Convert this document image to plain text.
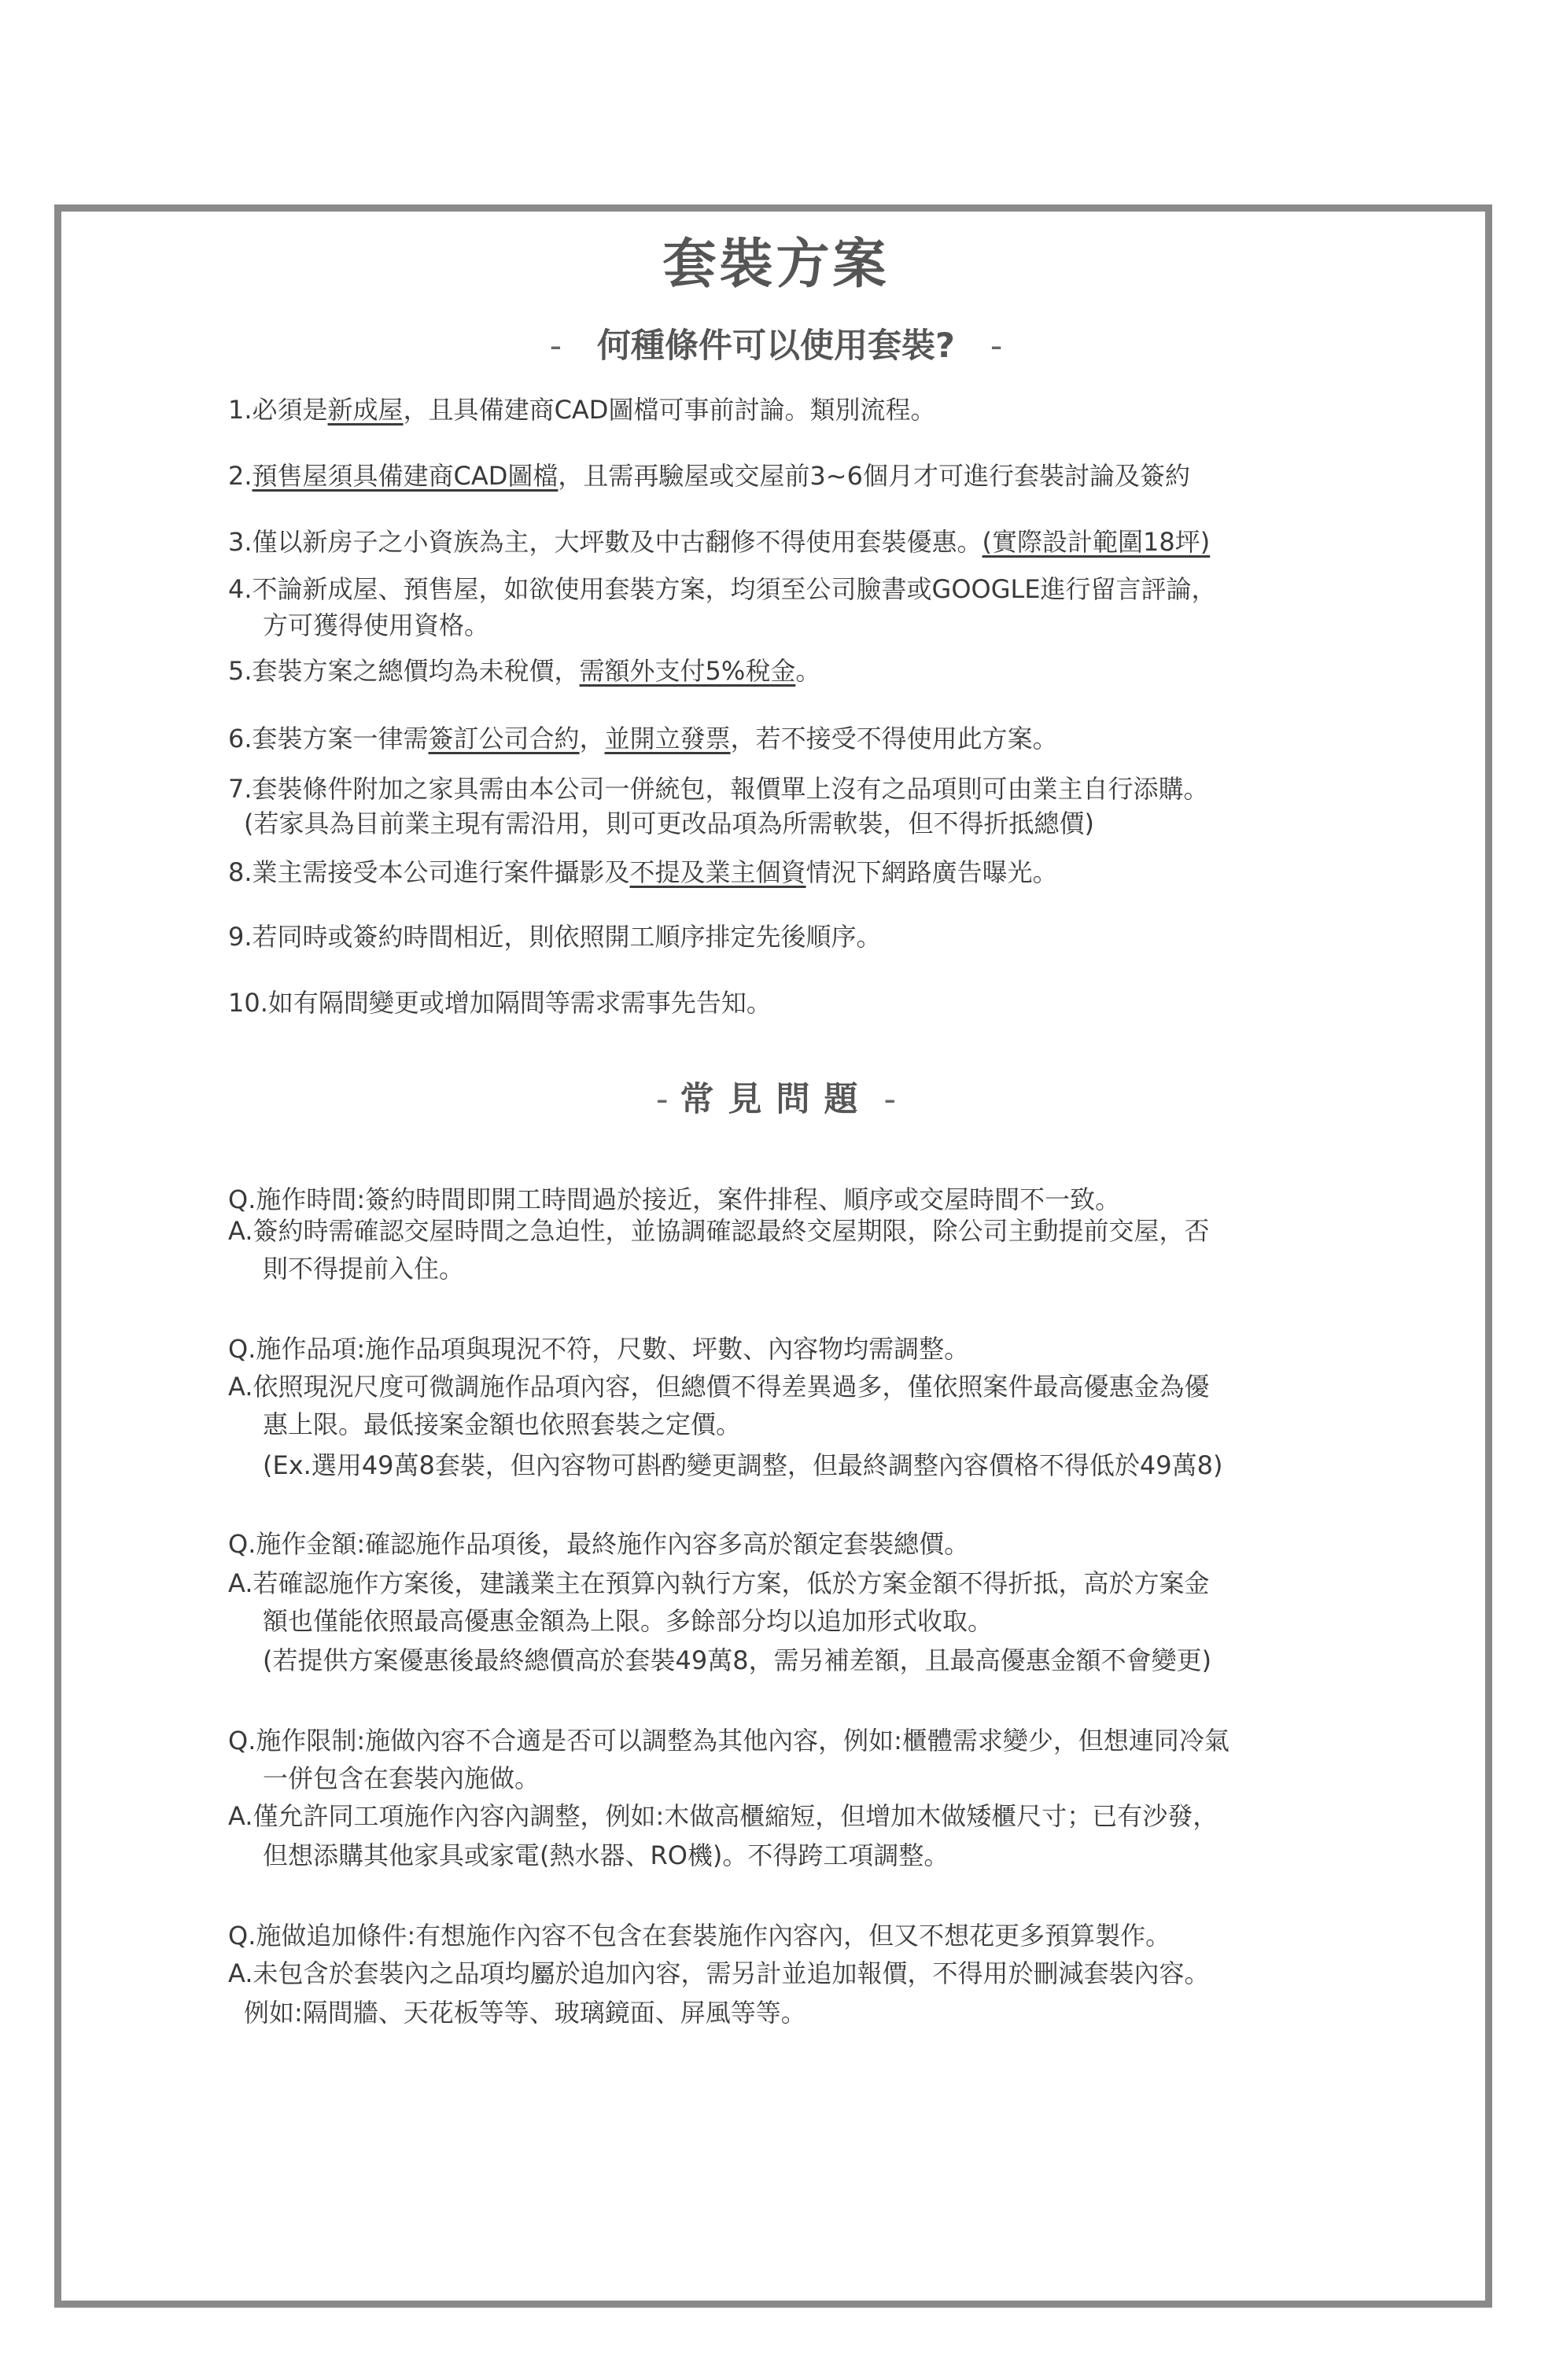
套裝方案
- 何種條件可以使用套裝? -
1.必須是新成屋，且具備建商CAD圖檔可事前討論。類別流程。
2.預售屋須具備建商CAD圖檔，且需再驗屋或交屋前3~6個月才可進行套裝討論及簽約
3.僅以新房子之小資族為主，大坪數及中古翻修不得使用套裝優惠。(實際設計範圍18坪)
4.不論新成屋、預售屋，如欲使用套裝方案，均須至公司臉書或GOOGLE進行留言評論，
方可獲得使用資格。
5.套裝方案之總價均為未稅價，需額外支付5%稅金。
6.套裝方案一律需簽訂公司合約，並開立發票，若不接受不得使用此方案。
7.套裝條件附加之家具需由本公司一併統包，報價單上沒有之品項則可由業主自行添購。
(若家具為目前業主現有需沿用，則可更改品項為所需軟裝，但不得折抵總價)
8.業主需接受本公司進行案件攝影及不提及業主個資情況下網路廣告曝光。
9.若同時或簽約時間相近，則依照開工順序排定先後順序。
10.如有隔間變更或增加隔間等需求需事先告知。
- 常見問題 -
Q.施作時間:簽約時間即開工時間過於接近，案件排程、順序或交屋時間不一致。
A.簽約時需確認交屋時間之急迫性，並協調確認最終交屋期限，除公司主動提前交屋，否
則不得提前入住。
Q.施作品項:施作品項與現況不符，尺數、坪數、內容物均需調整。
A.依照現況尺度可微調施作品項內容，但總價不得差異過多，僅依照案件最高優惠金為優
惠上限。最低接案金額也依照套裝之定價。
(Ex.選用49萬8套裝，但內容物可斟酌變更調整，但最終調整內容價格不得低於49萬8)
Q.施作金額:確認施作品項後，最終施作內容多高於額定套裝總價。
A.若確認施作方案後，建議業主在預算內執行方案，低於方案金額不得折抵，高於方案金
額也僅能依照最高優惠金額為上限。多餘部分均以追加形式收取。
(若提供方案優惠後最終總價高於套裝49萬8，需另補差額，且最高優惠金額不會變更)
Q.施作限制:施做內容不合適是否可以調整為其他內容，例如:櫃體需求變少，但想連同冷氣
一併包含在套裝內施做。
A.僅允許同工項施作內容內調整，例如:木做高櫃縮短，但增加木做矮櫃尺寸；已有沙發，
但想添購其他家具或家電(熱水器、RO機)。不得跨工項調整。
Q.施做追加條件:有想施作內容不包含在套裝施作內容內，但又不想花更多預算製作。
A.未包含於套裝內之品項均屬於追加內容，需另計並追加報價，不得用於刪減套裝內容。
例如:隔間牆、天花板等等、玻璃鏡面、屏風等等。
